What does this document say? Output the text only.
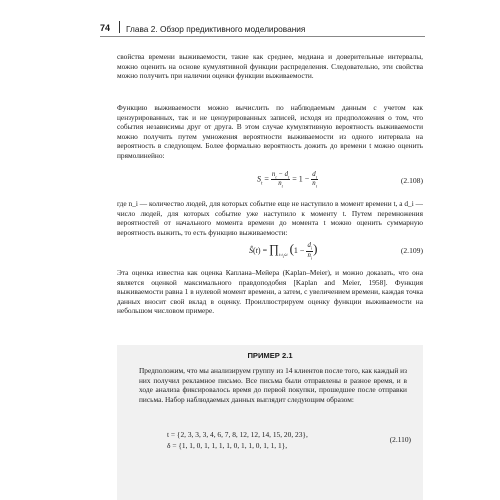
74 Глава 2. Обзор предиктивного моделирования

свойства времени выживаемости, такие как среднее, медиана и доверительные интервалы, можно оценить на основе кумулятивной функции распределения. Следовательно, эти свойства можно получить при наличии оценки функции выживаемости.

Функцию выживаемости можно вычислить по наблюдаемым данным с учетом как цензурированных, так и не цензурированных записей, исходя из предположения о том, что события независимы друг от друга. В этом случае кумулятивную вероятность выживаемости можно получить путем умножения вероятности выживаемости из одного интервала на вероятность в следующем. Более формально вероятность дожить до времени t можно оценить прямолинейно:

$S_t = \frac{n_t - d_t}{n_t} = 1 - \frac{d_t}{n_t}$	(2.108)

где n_i — количество людей, для которых событие еще не наступило в момент времени t, а d_i — число людей, для которых событие уже наступило к моменту t. Путем перемножения вероятностей от начального момента времени до момента t можно оценить суммарную вероятность выжить, то есть функцию выживаемости:

Ŝ(t) = $\prod_{i:t_i\le t}$ ($1 - \frac{d_i}{n_i}$ )	(2.109)

Эта оценка известна как оценка Каплана–Мейера (Kaplan–Meier), и можно доказать, что она является оценкой максимального правдоподобия [Kaplan and Meier, 1958]. Функция выживаемости равна 1 в нулевой момент времени, а затем, с увеличением времени, каждая точка данных вносит свой вклад в оценку. Проиллюстрируем оценку функции выживаемости на небольшом числовом примере.

ПРИМЕР 2.1

Предположим, что мы анализируем группу из 14 клиентов после того, как каждый из них получил рекламное письмо. Все письма были отправлены в разное время, и в ходе анализа фиксировалось время до первой покупки, прошедшее после отправки письма. Набор наблюдаемых данных выглядит следующим образом:

t = {2, 3, 3, 3, 4, 6, 7, 8, 12, 12, 14, 15, 20, 23},
δ = {1, 1, 0, 1, 1, 1, 1, 0, 1, 1, 0, 1, 1, 1},
(2.110)
